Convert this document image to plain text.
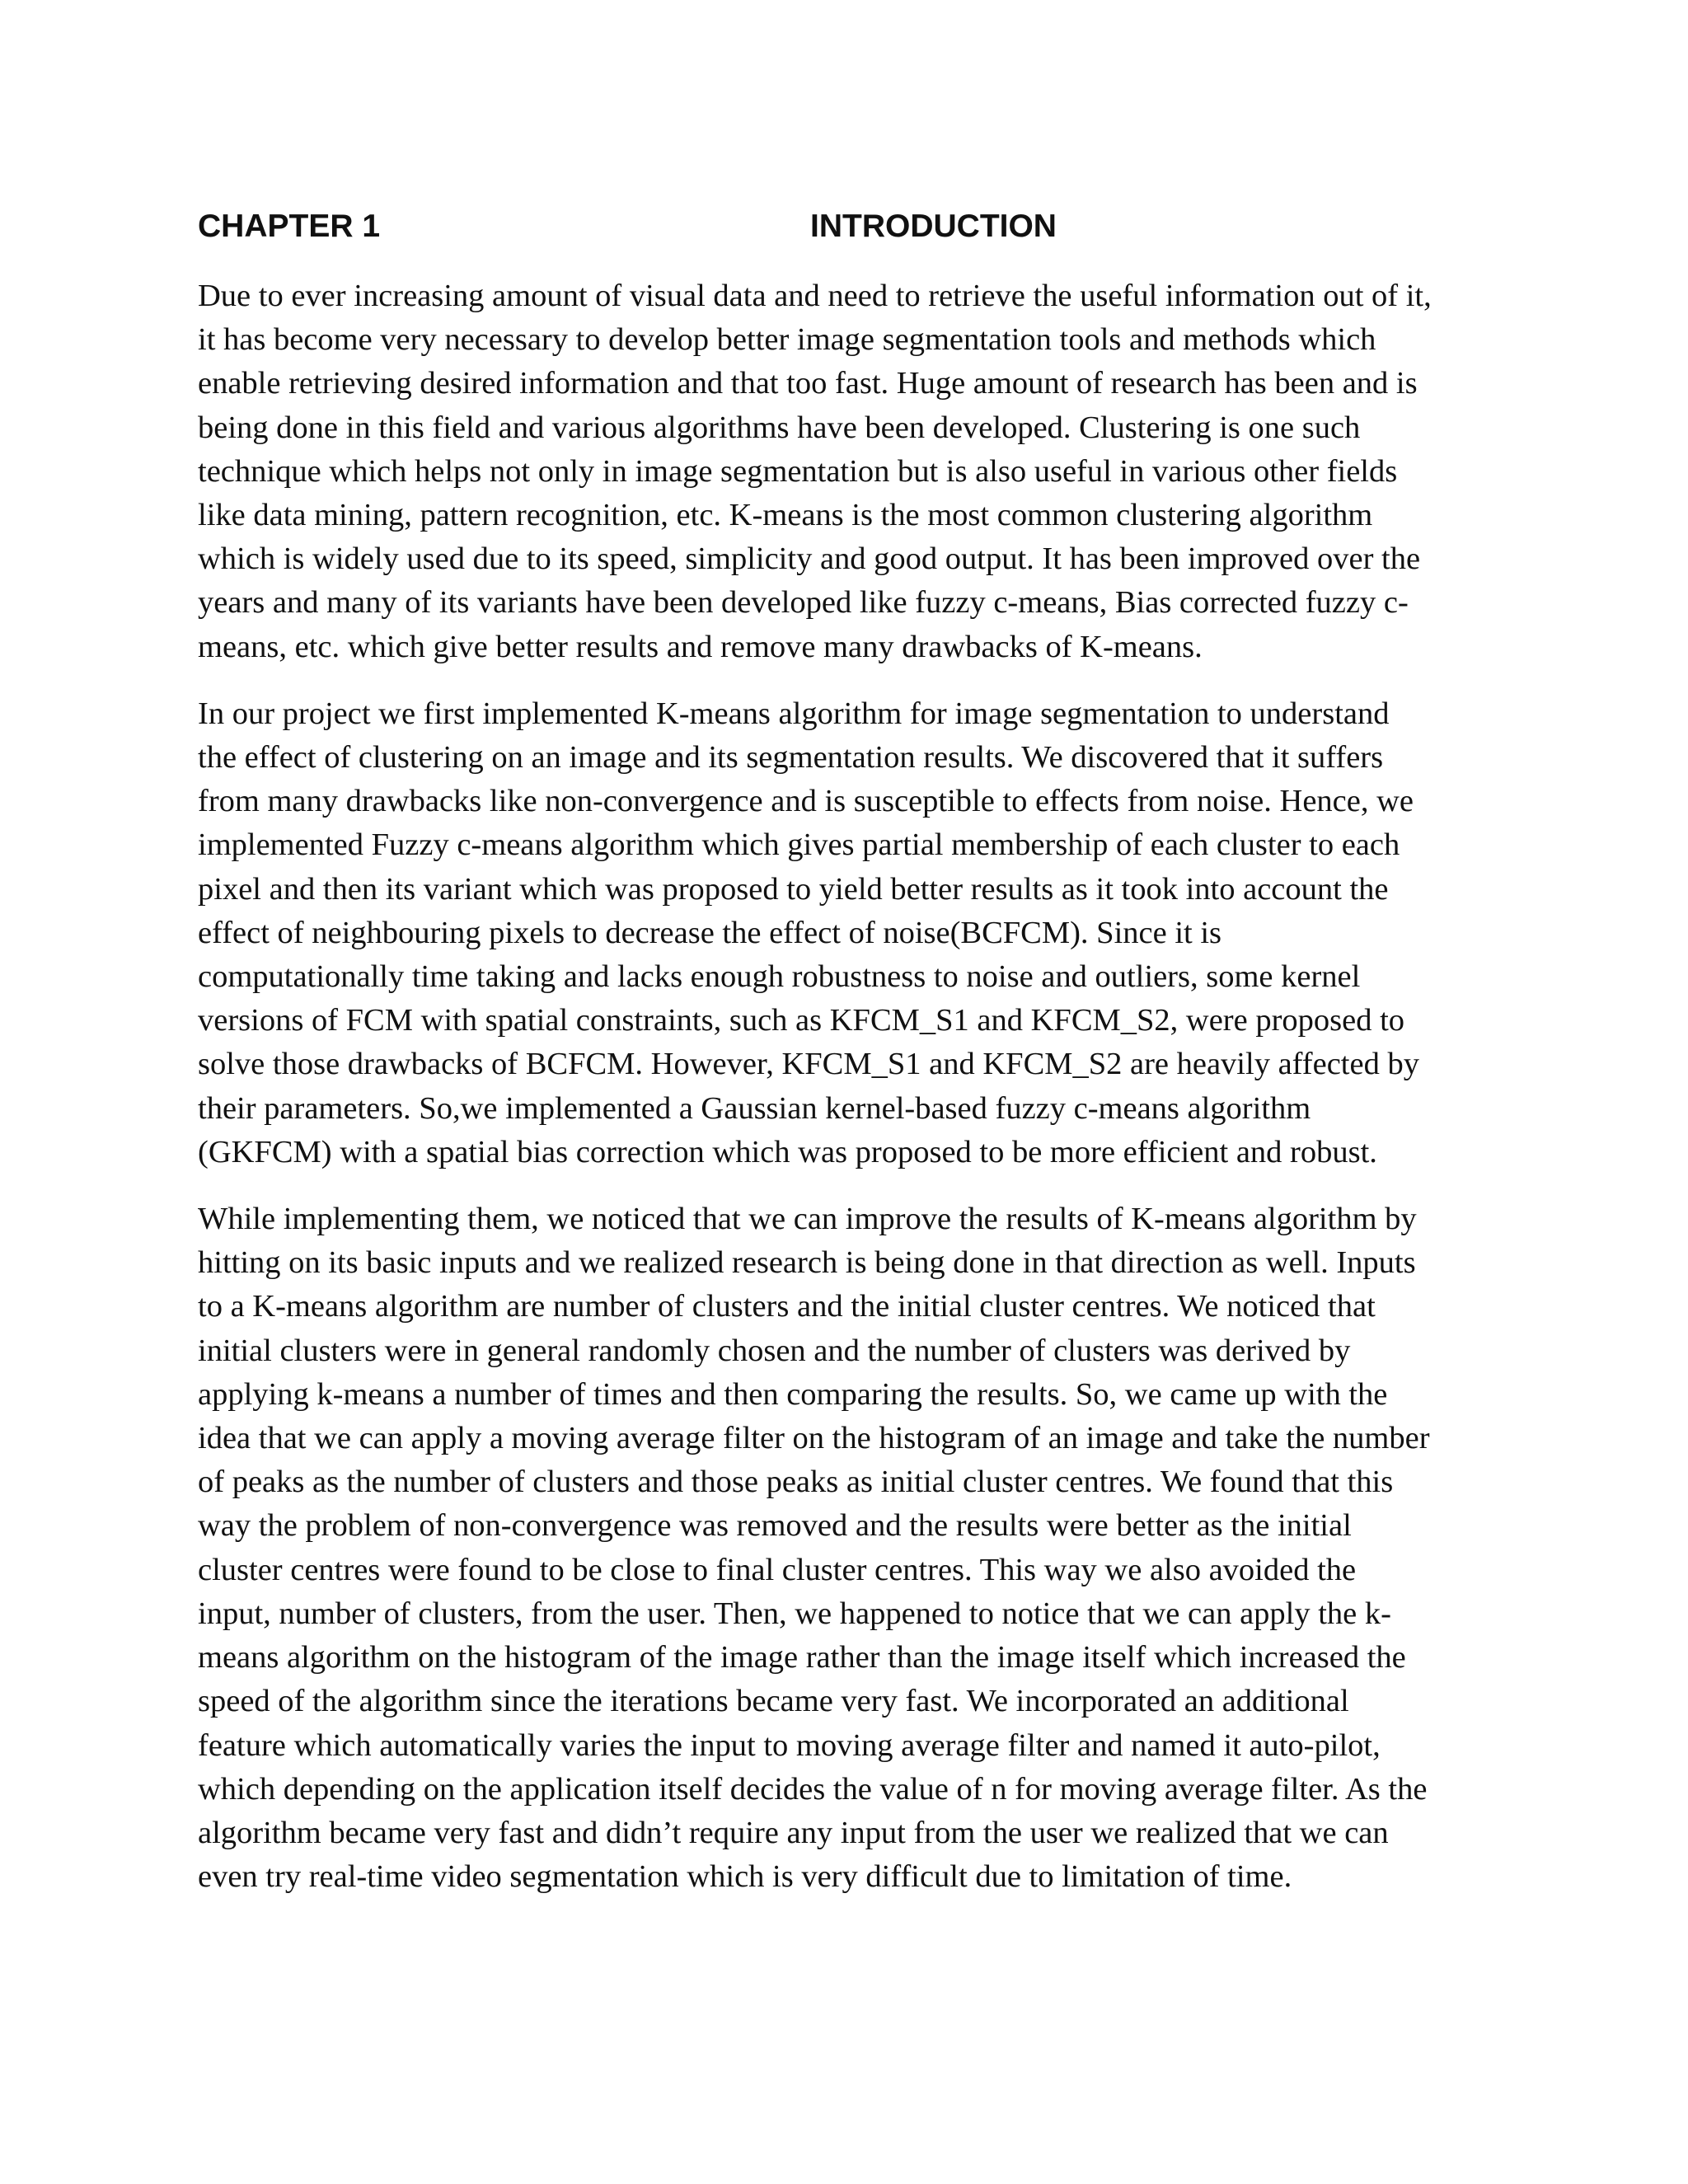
CHAPTER 1	INTRODUCTION

Due to ever increasing amount of visual data and need to retrieve the useful information out of it,
it has become very necessary to develop better image segmentation tools and methods which
enable retrieving desired information and that too fast. Huge amount of research has been and is
being done in this field and various algorithms have been developed. Clustering is one such
technique which helps not only in image segmentation but is also useful in various other fields
like data mining, pattern recognition, etc. K-means is the most common clustering algorithm
which is widely used due to its speed, simplicity and good output. It has been improved over the
years and many of its variants have been developed like fuzzy c-means, Bias corrected fuzzy c-
means, etc. which give better results and remove many drawbacks of K-means.

In our project we first implemented K-means algorithm for image segmentation to understand
the effect of clustering on an image and its segmentation results. We discovered that it suffers
from many drawbacks like non-convergence and is susceptible to effects from noise. Hence, we
implemented Fuzzy c-means algorithm which gives partial membership of each cluster to each
pixel and then its variant which was proposed to yield better results as it took into account the
effect of neighbouring pixels to decrease the effect of noise(BCFCM). Since it is
computationally time taking and lacks enough robustness to noise and outliers, some kernel
versions of FCM with spatial constraints, such as KFCM_S1 and KFCM_S2, were proposed to
solve those drawbacks of BCFCM. However, KFCM_S1 and KFCM_S2 are heavily affected by
their parameters. So,we implemented a Gaussian kernel-based fuzzy c-means algorithm
(GKFCM) with a spatial bias correction which was proposed to be more efficient and robust.

While implementing them, we noticed that we can improve the results of K-means algorithm by
hitting on its basic inputs and we realized research is being done in that direction as well. Inputs
to a K-means algorithm are number of clusters and the initial cluster centres. We noticed that
initial clusters were in general randomly chosen and the number of clusters was derived by
applying k-means a number of times and then comparing the results. So, we came up with the
idea that we can apply a moving average filter on the histogram of an image and take the number
of peaks as the number of clusters and those peaks as initial cluster centres. We found that this
way the problem of non-convergence was removed and the results were better as the initial
cluster centres were found to be close to final cluster centres. This way we also avoided the
input, number of clusters, from the user. Then, we happened to notice that we can apply the k-
means algorithm on the histogram of the image rather than the image itself which increased the
speed of the algorithm since the iterations became very fast. We incorporated an additional
feature which automatically varies the input to moving average filter and named it auto-pilot,
which depending on the application itself decides the value of n for moving average filter. As the
algorithm became very fast and didn’t require any input from the user we realized that we can
even try real-time video segmentation which is very difficult due to limitation of time.
